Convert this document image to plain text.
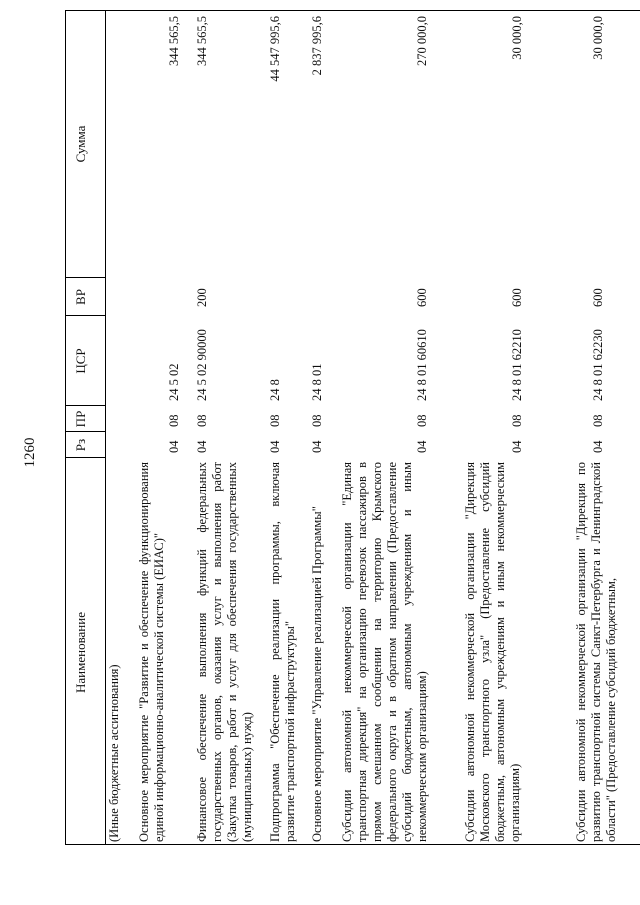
1260
Наименование
Рз
ПР
ЦСР
ВР
Сумма
(Иные бюджетные ассигнования) Основное мероприятие "Развитие и обеспечение функционирования единой информационно-аналитической системы (ЕИАС)"
04
08
24 5 02
344 565,5
Финансовое обеспечение выполнения функций федеральных государственных органов, оказания услуг и выполнения работ (Закупка товаров, работ и услуг для обеспечения государственных (муниципальных) нужд)
04
08
24 5 02 90000
200
344 565,5
Подпрограмма "Обеспечение реализации программы, включая развитие транспортной инфраструктуры"
04
08
24 8
44 547 995,6
Основное мероприятие "Управление реализацией Программы"
04
08
24 8 01
2 837 995,6
Субсидии автономной некоммерческой организации "Единая транспортная дирекция" на организацию перевозок пассажиров в прямом смешанном сообщении на территорию Крымского федерального округа и в обратном направлении (Предоставление субсидий бюджетным, автономным учреждениям и иным некоммерческим организациям)
04
08
24 8 01 60610
600
270 000,0
Субсидии автономной некоммерческой организации "Дирекция Московского транспортного узла" (Предоставление субсидий бюджетным, автономным учреждениям и иным некоммерческим организациям)
04
08
24 8 01 62210
600
30 000,0
Субсидии автономной некоммерческой организации "Дирекция по развитию транспортной системы Санкт-Петербурга и Ленинградской области" (Предоставление субсидий бюджетным,
04
08
24 8 01 62230
600
30 000,0
